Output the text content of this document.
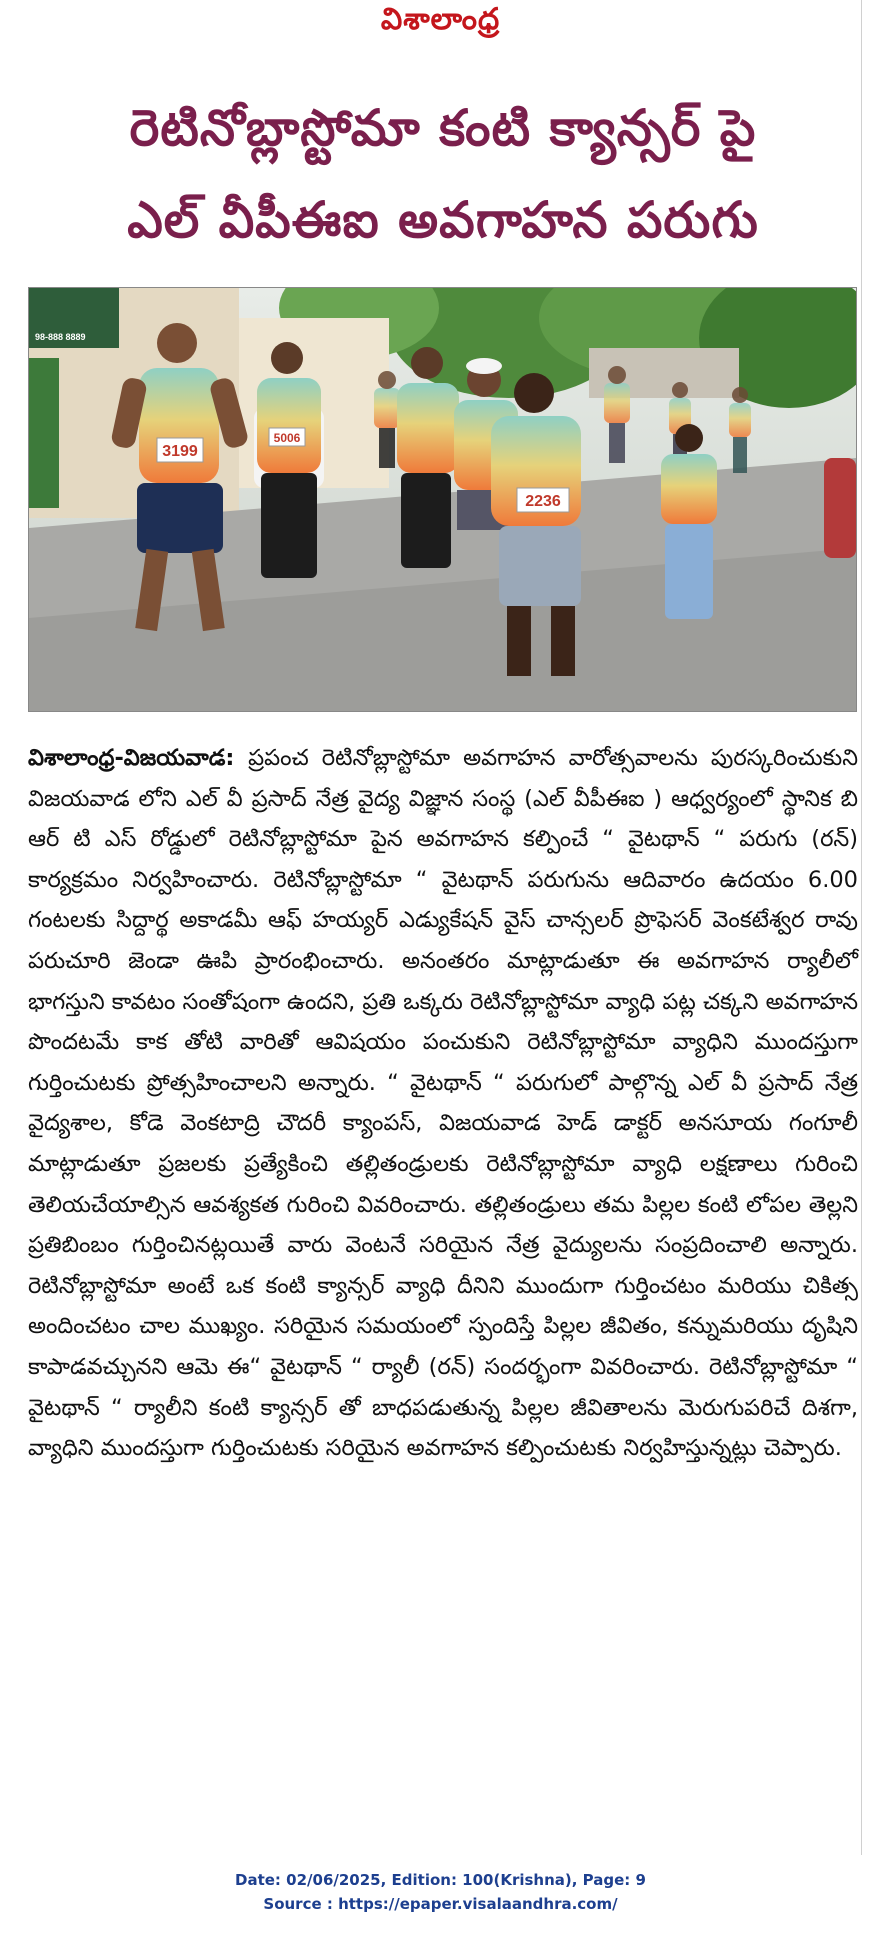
విశాలాంధ్ర
రెటినోబ్లాస్టోమా కంటి క్యాన్సర్ పై
ఎల్ వీపీఈఐ అవగాహన పరుగు
3199
5006
2236
98-888 8889
విశాలాంధ్ర-విజయవాడ: ప్రపంచ రెటినోబ్లాస్టోమా అవగాహన వారోత్సవాలను పురస్కరించుకుని విజయవాడ లోని ఎల్ వీ ప్రసాద్ నేత్ర వైద్య విజ్ఞాన సంస్థ (ఎల్ వీపీఈఐ ) ఆధ్వర్యంలో స్థానిక బి ఆర్ టి ఎస్ రోడ్డులో రెటినోబ్లాస్టోమా పైన అవగాహన కల్పించే “ వైటథాన్ “ పరుగు (రన్) కార్యక్రమం నిర్వహించారు. రెటినోబ్లాస్టోమా “ వైటథాన్ పరుగును ఆదివారం ఉదయం 6.00 గంటలకు సిద్దార్థ అకాడమీ ఆఫ్ హయ్యర్ ఎడ్యుకేషన్ వైస్ చాన్సలర్ ప్రొఫెసర్ వెంకటేశ్వర రావు పరుచూరి జెండా ఊపి ప్రారంభించారు. అనంతరం మాట్లాడుతూ ఈ అవగాహన ర్యాలీలో భాగస్తుని కావటం సంతోషంగా ఉందని, ప్రతి ఒక్కరు రెటినోబ్లాస్టోమా వ్యాధి పట్ల చక్కని అవగాహన పొందటమే కాక తోటి వారితో ఆవిషయం పంచుకుని రెటినోబ్లాస్టోమా వ్యాధిని ముందస్తుగా గుర్తించుటకు ప్రోత్సహించాలని అన్నారు. “ వైటథాన్ “ పరుగులో పాల్గొన్న ఎల్ వీ ప్రసాద్ నేత్ర వైద్యశాల, కోడె వెంకటాద్రి చౌదరీ క్యాంపస్, విజయవాడ హెడ్ డాక్టర్ అనసూయ గంగూలీ మాట్లాడుతూ ప్రజలకు ప్రత్యేకించి తల్లితండ్రులకు రెటినోబ్లాస్టోమా వ్యాధి లక్షణాలు గురించి తెలియచేయాల్సిన ఆవశ్యకత గురించి వివరించారు. తల్లితండ్రులు తమ పిల్లల కంటి లోపల తెల్లని ప్రతిబింబం గుర్తించినట్లయితే వారు వెంటనే సరియైన నేత్ర వైద్యులను సంప్రదించాలి అన్నారు. రెటినోబ్లాస్టోమా అంటే ఒక కంటి క్యాన్సర్ వ్యాధి దీనిని ముందుగా గుర్తించటం మరియు చికిత్స అందించటం చాల ముఖ్యం. సరియైన సమయంలో స్పందిస్తే పిల్లల జీవితం, కన్నుమరియు దృషిని కాపాడవచ్చునని ఆమె ఈ“ వైటథాన్ “ ర్యాలీ (రన్) సందర్భంగా వివరించారు. రెటినోబ్లాస్టోమా “ వైటథాన్ “ ర్యాలీని కంటి క్యాన్సర్ తో బాధపడుతున్న పిల్లల జీవితాలను మెరుగుపరిచే దిశగా, వ్యాధిని ముందస్తుగా గుర్తించుటకు సరియైన అవగాహన కల్పించుటకు నిర్వహిస్తున్నట్లు చెప్పారు.
Date: 02/06/2025, Edition: 100(Krishna), Page: 9
Source : https://epaper.visalaandhra.com/
